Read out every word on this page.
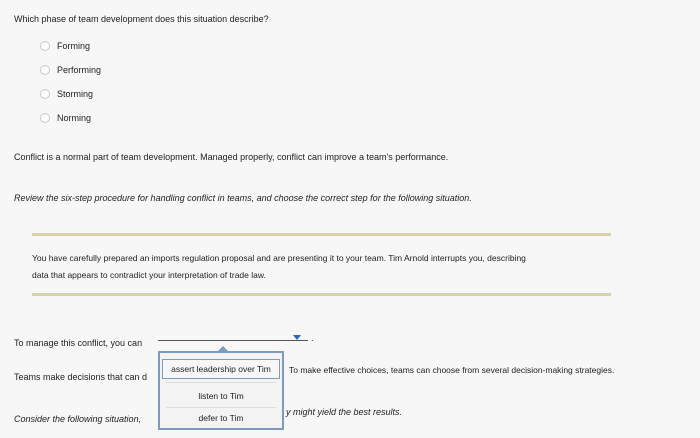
Which phase of team development does this situation describe?
Forming
Performing
Storming
Norming
Conflict is a normal part of team development. Managed properly, conflict can improve a team's performance.
Review the six-step procedure for handling conflict in teams, and choose the correct step for the following situation.
You have carefully prepared an imports regulation proposal and are presenting it to your team. Tim Arnold interrupts you, describing
data that appears to contradict your interpretation of trade law.
To manage this conflict, you can	.
Teams make decisions that can d
To make effective choices, teams can choose from several decision-making strategies.
Consider the following situation,
y might yield the best results.
assert leadership over Tim
listen to Tim
defer to Tim
